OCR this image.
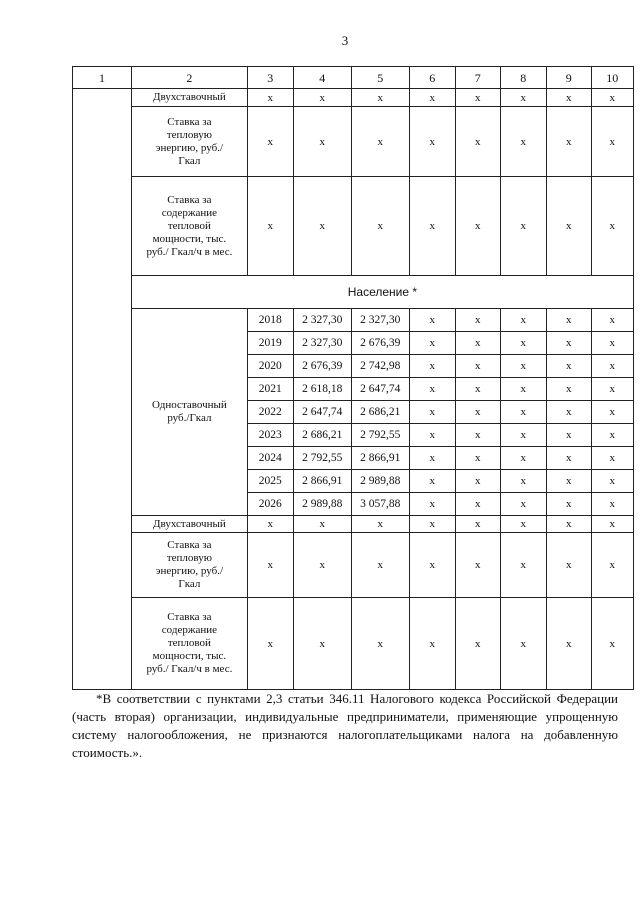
3
1	2	3	4	5	6	7	8	9	10
	Двухставочный	х	х	х	х	х	х	х	х
	Ставка за тепловую энергию, руб./Гкал	х	х	х	х	х	х	х	х
	Ставка за содержание тепловой мощности, тыс. руб./ Гкал/ч в мес.	х	х	х	х	х	х	х	х
	Население *								
	Одноставочный руб./Гкал	2018	2 327,30	2 327,30	х	х	х	х	х
		2019	2 327,30	2 676,39	х	х	х	х	х
		2020	2 676,39	2 742,98	х	х	х	х	х
		2021	2 618,18	2 647,74	х	х	х	х	х
		2022	2 647,74	2 686,21	х	х	х	х	х
		2023	2 686,21	2 792,55	х	х	х	х	х
		2024	2 792,55	2 866,91	х	х	х	х	х
		2025	2 866,91	2 989,88	х	х	х	х	х
		2026	2 989,88	3 057,88	х	х	х	х	х
	Двухставочный	х	х	х	х	х	х	х	х
	Ставка за тепловую энергию, руб./Гкал	х	х	х	х	х	х	х	х
	Ставка за содержание тепловой мощности, тыс. руб./ Гкал/ч в мес.	х	х	х	х	х	х	х	х

*В соответствии с пунктами 2,3 статьи 346.11 Налогового кодекса Российской Федерации (часть вторая) организации, индивидуальные предприниматели, применяющие упрощенную систему налогообложения, не признаются налогоплательщиками налога на добавленную стоимость.».
